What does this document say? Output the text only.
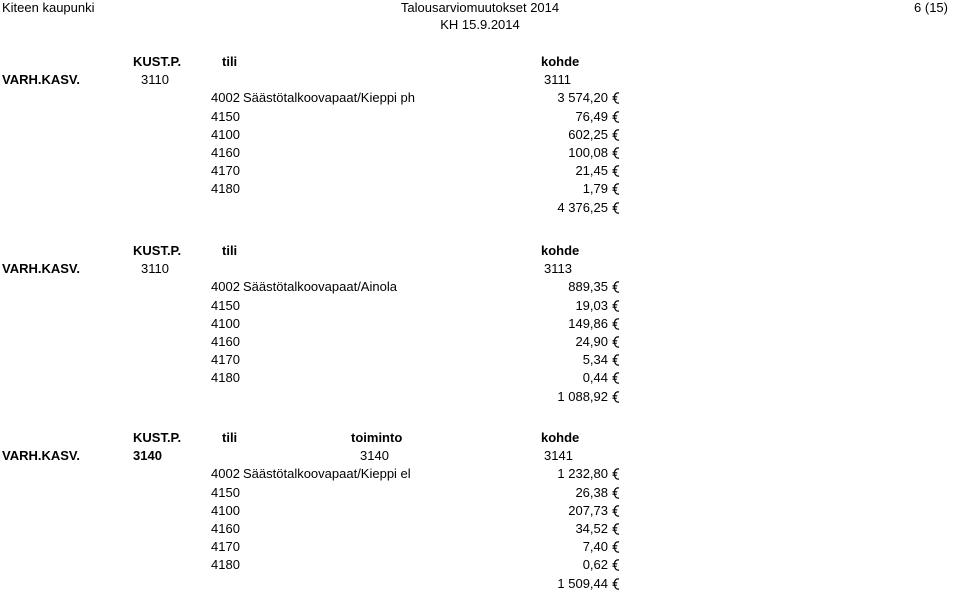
Kiteen kaupunki	Talousarviomuutokset 2014
KH 15.9.2014
6 (15)
KUST.P.	tili	kohde
VARH.KASV.	3110	3111
4002 Säästötalkoovapaat/Kieppi ph	3 574,20
4150	76,49
4100	602,25
4160	100,08
4170	21,45
4180	1,79
4 376,25
KUST.P.	tili	kohde
VARH.KASV.	3110	3113
4002 Säästötalkoovapaat/Ainola	889,35
4150	19,03
4100	149,86
4160	24,90
4170	5,34
4180	0,44
1 088,92
KUST.P.	tili	toiminto	kohde
VARH.KASV.	3140	3140	3141
4002 Säästötalkoovapaat/Kieppi el	1 232,80
4150	26,38
4100	207,73
4160	34,52
4170	7,40
4180	0,62
1 509,44
